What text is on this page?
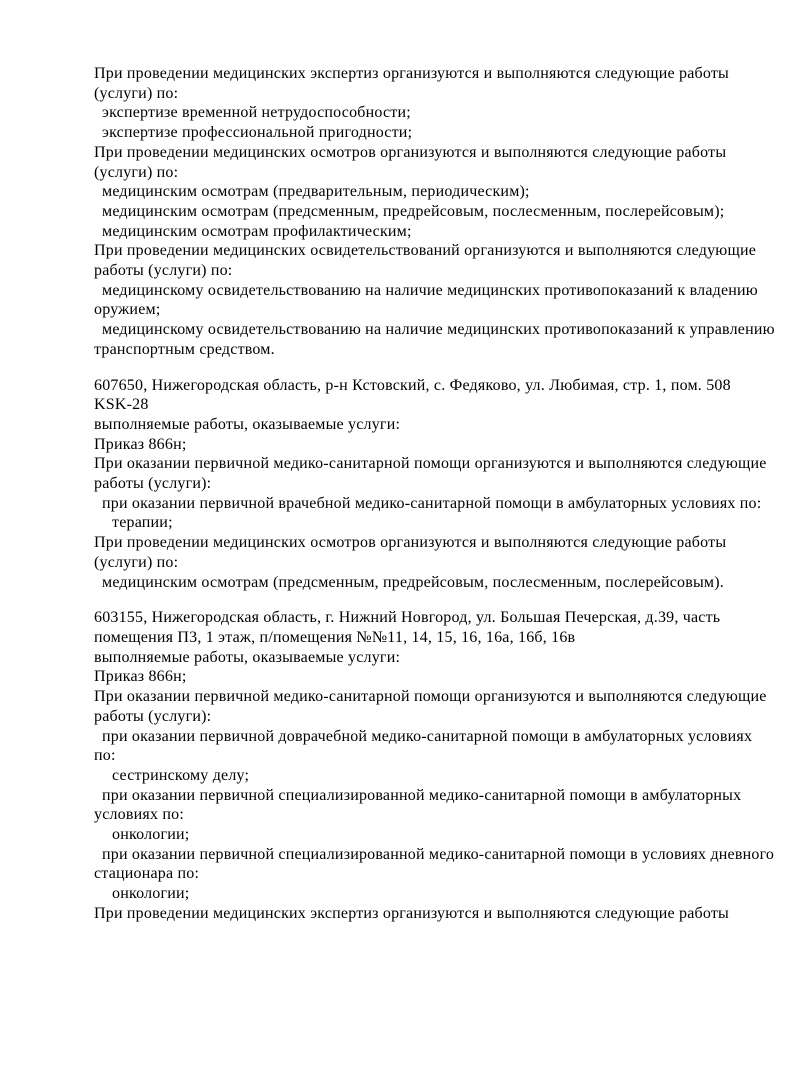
При проведении медицинских экспертиз организуются и выполняются следующие работы
(услуги) по:
экспертизе временной нетрудоспособности;
экспертизе профессиональной пригодности;
При проведении медицинских осмотров организуются и выполняются следующие работы
(услуги) по:
медицинским осмотрам (предварительным, периодическим);
медицинским осмотрам (предсменным, предрейсовым, послесменным, послерейсовым);
медицинским осмотрам профилактическим;
При проведении медицинских освидетельствований организуются и выполняются следующие
работы (услуги) по:
медицинскому освидетельствованию на наличие медицинских противопоказаний к владению
оружием;
медицинскому освидетельствованию на наличие медицинских противопоказаний к управлению
транспортным средством.
607650, Нижегородская область, р-н Кстовский, с. Федяково, ул. Любимая, стр. 1, пом. 508
KSK-28
выполняемые работы, оказываемые услуги:
Приказ 866н;
При оказании первичной медико-санитарной помощи организуются и выполняются следующие
работы (услуги):
при оказании первичной врачебной медико-санитарной помощи в амбулаторных условиях по:
терапии;
При проведении медицинских осмотров организуются и выполняются следующие работы
(услуги) по:
медицинским осмотрам (предсменным, предрейсовым, послесменным, послерейсовым).
603155, Нижегородская область, г. Нижний Новгород, ул. Большая Печерская, д.39, часть
помещения П3, 1 этаж, п/помещения №№11, 14, 15, 16, 16а, 16б, 16в
выполняемые работы, оказываемые услуги:
Приказ 866н;
При оказании первичной медико-санитарной помощи организуются и выполняются следующие
работы (услуги):
при оказании первичной доврачебной медико-санитарной помощи в амбулаторных условиях
по:
сестринскому делу;
при оказании первичной специализированной медико-санитарной помощи в амбулаторных
условиях по:
онкологии;
при оказании первичной специализированной медико-санитарной помощи в условиях дневного
стационара по:
онкологии;
При проведении медицинских экспертиз организуются и выполняются следующие работы
